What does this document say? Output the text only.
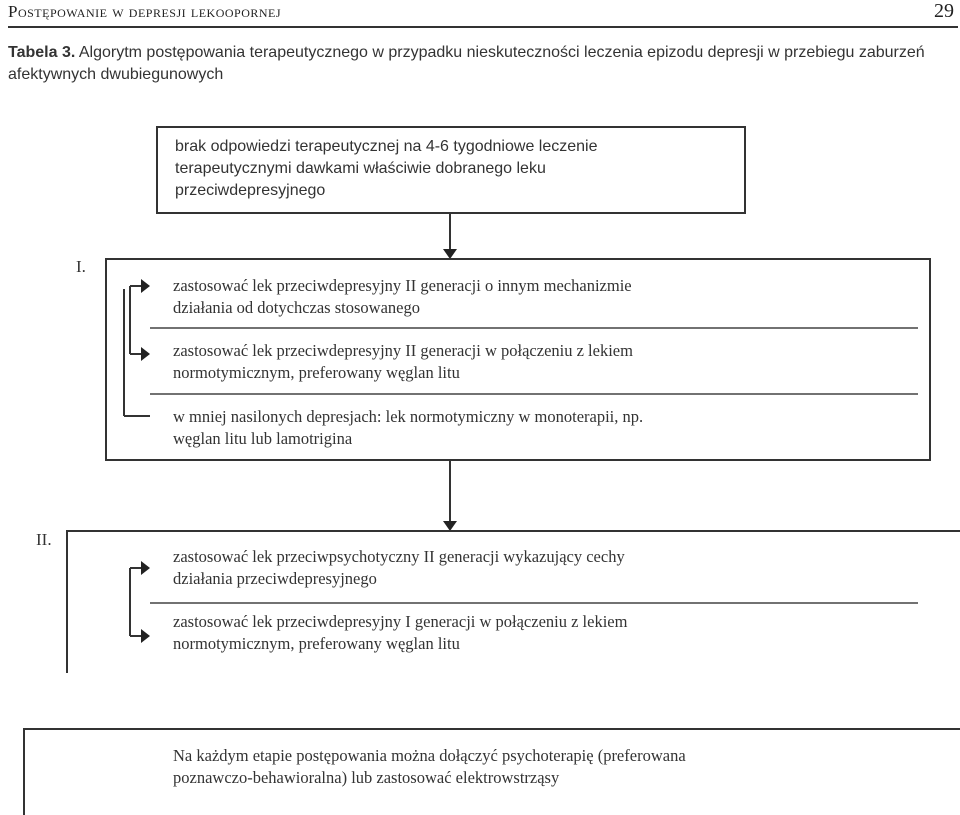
Postępowanie w depresji lekoopornej	29
Tabela 3. Algorytm postępowania terapeutycznego w przypadku nieskuteczności leczenia epizodu depresji w przebiegu zaburzeń afektywnych dwubiegunowych
brak odpowiedzi terapeutycznej na 4-6 tygodniowe leczenie
terapeutycznymi dawkami właściwie dobranego leku
przeciwdepresyjnego
I.
zastosować lek przeciwdepresyjny II generacji o innym mechanizmie
działania od dotychczas stosowanego
zastosować lek przeciwdepresyjny II generacji w połączeniu z lekiem
normotymicznym, preferowany węglan litu
w mniej nasilonych depresjach: lek normotymiczny w monoterapii, np.
węglan litu lub lamotrigina
II.
zastosować lek przeciwpsychotyczny II generacji wykazujący cechy
działania przeciwdepresyjnego
zastosować lek przeciwdepresyjny I generacji w połączeniu z lekiem
normotymicznym, preferowany węglan litu
Na każdym etapie postępowania można dołączyć psychoterapię (preferowana
poznawczo-behawioralna) lub zastosować elektrowstrząsy
